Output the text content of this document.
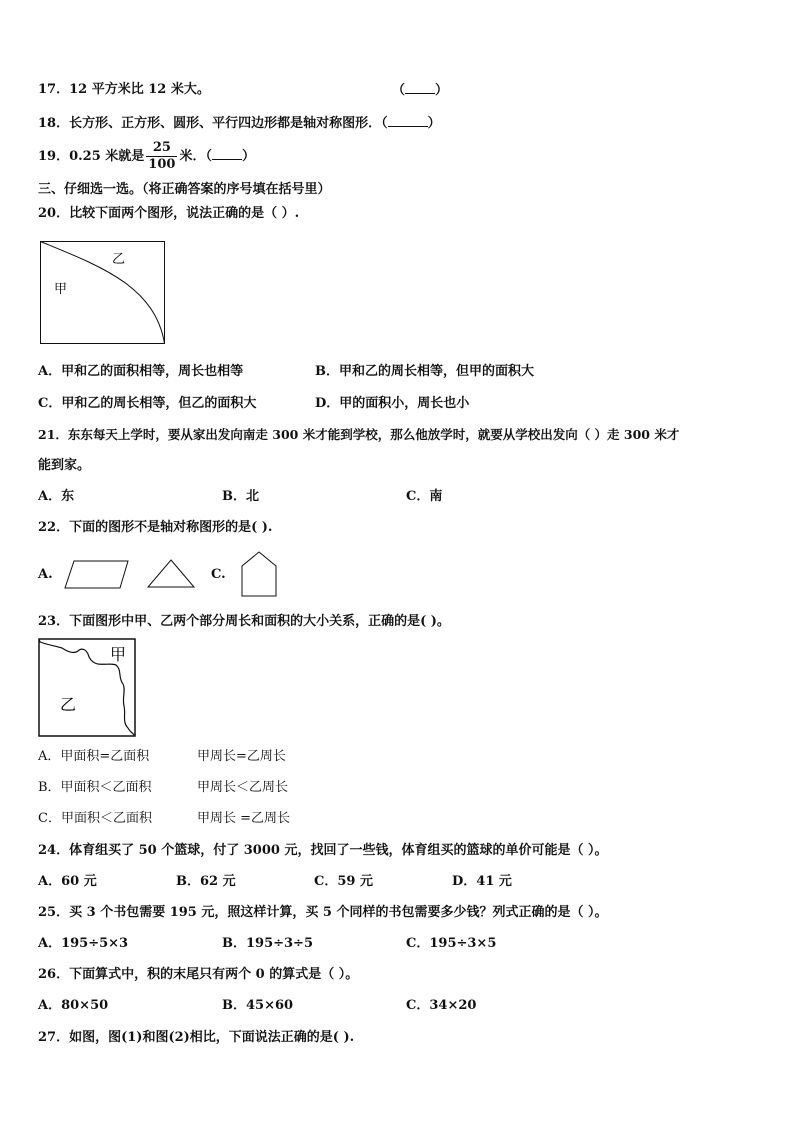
17．12 平方米比 12 米大。	（ ）
18．长方形、正方形、圆形、平行四边形都是轴对称图形．（	）
19．0.25 米就是 $\frac{25}{100}$ 米．（ ）
三、仔细选一选。（将正确答案的序号填在括号里）
20．比较下面两个图形，说法正确的是（ ）.
甲
乙
A．甲和乙的面积相等，周长也相等	B．甲和乙的周长相等，但甲的面积大
C．甲和乙的周长相等，但乙的面积大	D．甲的面积小，周长也小
21．东东每天上学时，要从家出发向南走 300 米才能到学校，那么他放学时，就要从学校出发向（ ）走 300 米才
能到家。
A．东	B．北	C．南
22．下面的图形不是轴对称图形的是( ).
A.	C.
23．下面图形中甲、乙两个部分周长和面积的大小关系，正确的是( )。
甲
乙
A．甲面积=乙面积	甲周长=乙周长
B．甲面积＜乙面积	甲周长＜乙周长
C．甲面积＜乙面积	甲周长 =乙周长
24．体育组买了 50 个篮球，付了 3000 元，找回了一些钱，体育组买的篮球的单价可能是（ ）。
A．60 元	B．62 元	C．59 元	D．41 元
25．买 3 个书包需要 195 元，照这样计算，买 5 个同样的书包需要多少钱？列式正确的是（ ）。
A．195÷5×3	B．195÷3÷5	C．195÷3×5
26．下面算式中，积的末尾只有两个 0 的算式是（ ）。
A．80×50	B．45×60	C．34×20
27．如图，图(1)和图(2)相比，下面说法正确的是( ).
